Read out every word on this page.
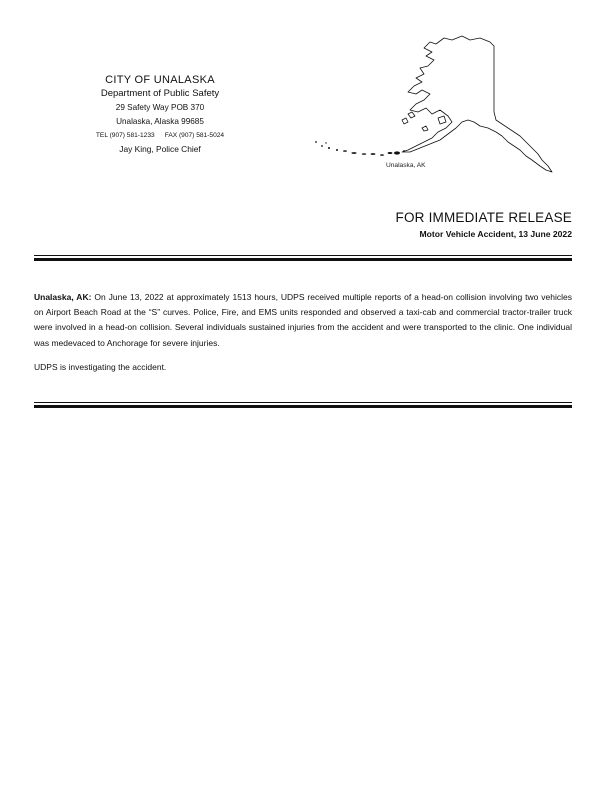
CITY OF UNALASKA

Department of Public Safety

29 Safety Way POB 370

Unalaska, Alaska 99685

TEL (907) 581-1233 FAX (907) 581-5024

Jay King, Police Chief

Unalaska, AK

FOR IMMEDIATE RELEASE

Motor Vehicle Accident, 13 June 2022

Unalaska, AK: On June 13, 2022 at approximately 1513 hours, UDPS received multiple reports of a head-on collision involving two vehicles on Airport Beach Road at the “S” curves. Police, Fire, and EMS units responded and observed a taxi-cab and commercial tractor-trailer truck were involved in a head-on collision. Several individuals sustained injuries from the accident and were transported to the clinic. One individual was medevaced to Anchorage for severe injuries.

UDPS is investigating the accident.
